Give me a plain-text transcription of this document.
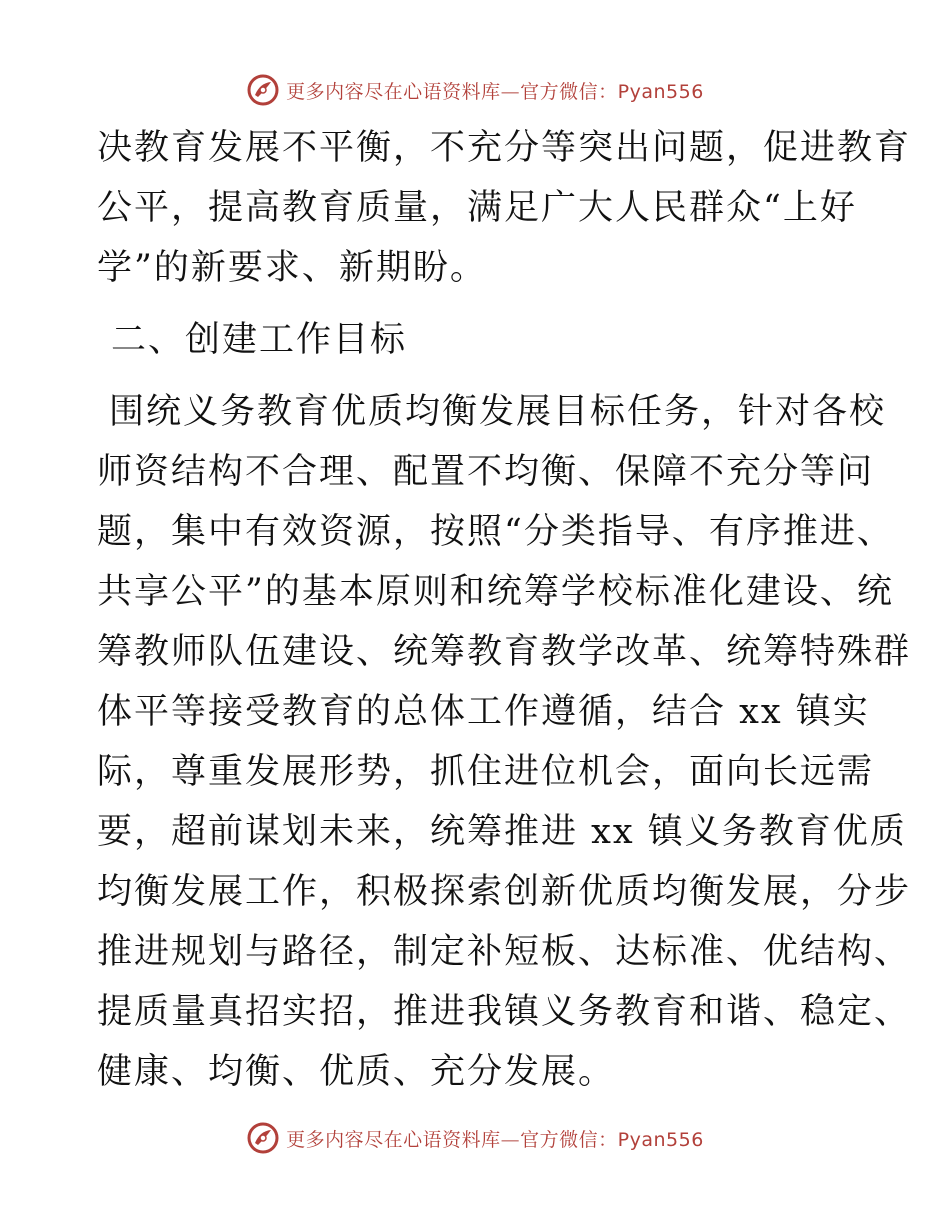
更多内容尽在心语资料库—官方微信：Pyan556
决教育发展不平衡，不充分等突出问题，促进教育
公平，提高教育质量，满足广大人民群众“上好
学”的新要求、新期盼。
二、创建工作目标
围统义务教育优质均衡发展目标任务，针对各校
师资结构不合理、配置不均衡、保障不充分等问
题，集中有效资源，按照“分类指导、有序推进、
共享公平”的基本原则和统筹学校标准化建设、统
筹教师队伍建设、统筹教育教学改革、统筹特殊群
体平等接受教育的总体工作遵循，结合 xx 镇实
际，尊重发展形势，抓住进位机会，面向长远需
要，超前谋划未来，统筹推进 xx 镇义务教育优质
均衡发展工作，积极探索创新优质均衡发展，分步
推进规划与路径，制定补短板、达标准、优结构、
提质量真招实招，推进我镇义务教育和谐、稳定、
健康、均衡、优质、充分发展。
更多内容尽在心语资料库—官方微信：Pyan556
